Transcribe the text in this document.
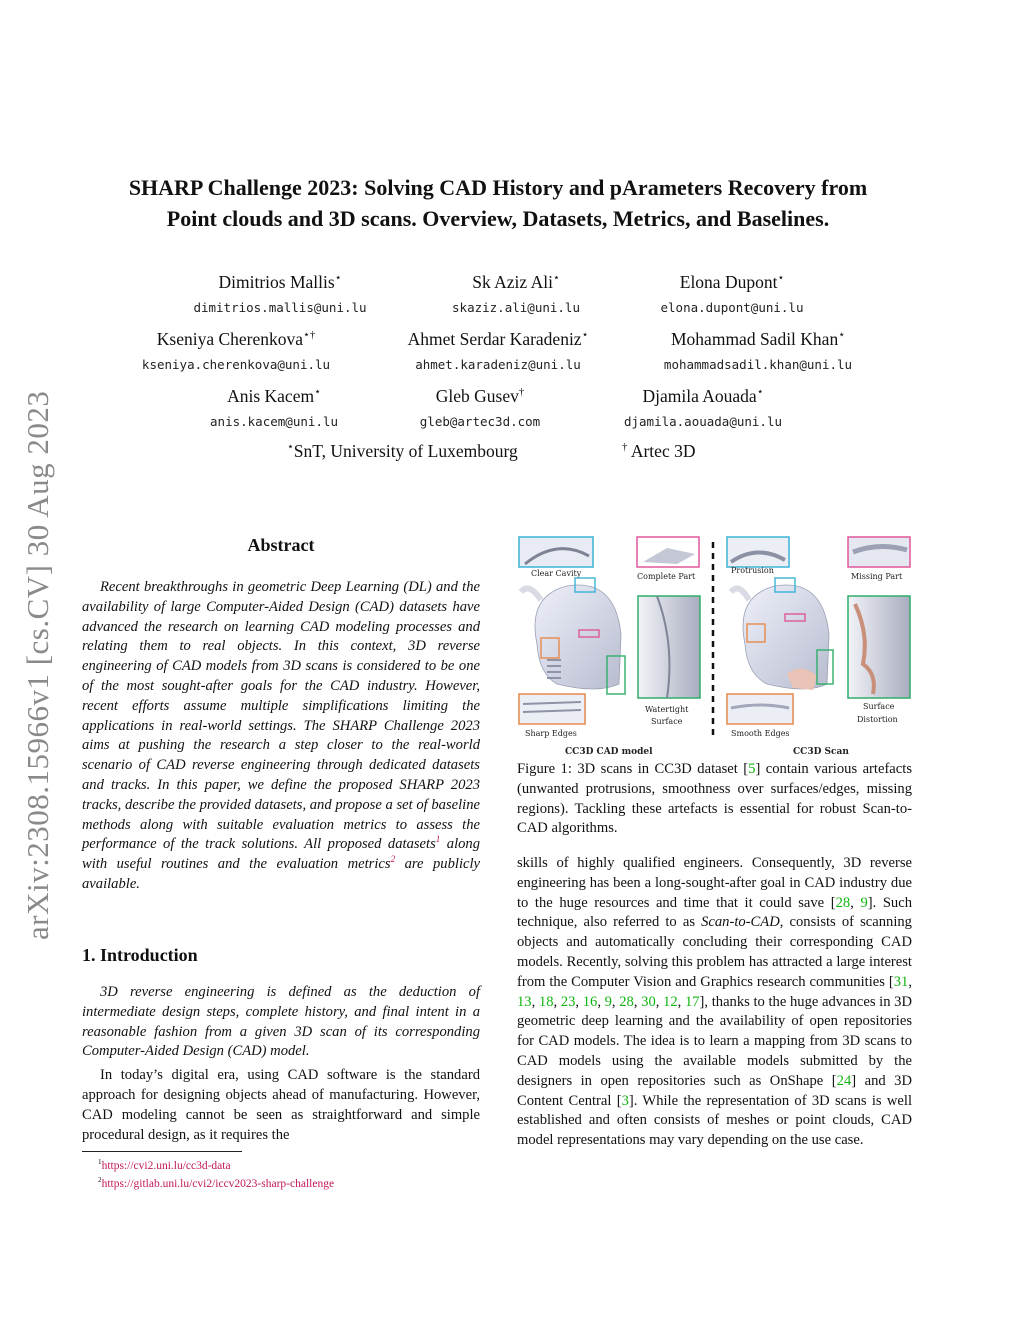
arXiv:2308.15966v1 [cs.CV] 30 Aug 2023
SHARP Challenge 2023: Solving CAD History and pArameters Recovery from
Point clouds and 3D scans. Overview, Datasets, Metrics, and Baselines.
Dimitrios Mallis⋆
dimitrios.mallis@uni.lu
Sk Aziz Ali⋆
skaziz.ali@uni.lu
Elona Dupont⋆
elona.dupont@uni.lu
Kseniya Cherenkova⋆†
kseniya.cherenkova@uni.lu
Ahmet Serdar Karadeniz⋆
ahmet.karadeniz@uni.lu
Mohammad Sadil Khan⋆
mohammadsadil.khan@uni.lu
Anis Kacem⋆
anis.kacem@uni.lu
Gleb Gusev†
gleb@artec3d.com
Djamila Aouada⋆
djamila.aouada@uni.lu
⋆SnT, University of Luxembourg	† Artec 3D
Abstract
Recent breakthroughs in geometric Deep Learning (DL) and the availability of large Computer-Aided Design (CAD) datasets have advanced the research on learning CAD modeling processes and relating them to real objects. In this context, 3D reverse engineering of CAD models from 3D scans is considered to be one of the most sought-after goals for the CAD industry. However, recent efforts assume multiple simplifications limiting the applications in real-world settings. The SHARP Challenge 2023 aims at pushing the research a step closer to the real-world scenario of CAD reverse engineering through dedicated datasets and tracks. In this paper, we define the proposed SHARP 2023 tracks, describe the provided datasets, and propose a set of baseline methods along with suitable evaluation metrics to assess the performance of the track solutions. All proposed datasets$^1$ along with useful routines and the evaluation metrics$^2$ are publicly available.
1. Introduction

3D reverse engineering is defined as the deduction of intermediate design steps, complete history, and final intent in a reasonable fashion from a given 3D scan of its corresponding Computer-Aided Design (CAD) model.

In today’s digital era, using CAD software is the standard approach for designing objects ahead of manufacturing. However, CAD modeling cannot be seen as straightforward and simple procedural design, as it requires the

$^1$https://cvi2.uni.lu/cc3d-data
$^2$https://gitlab.uni.lu/cvi2/iccv2023-sharp-challenge
Clear Cavity	Complete Part
Watertight
Surface
Sharp Edges
CC3D CAD model
Protrusion
Missing Part
Surface
Distortion
Smooth Edges
CC3D Scan
Figure 1: 3D scans in CC3D dataset [5] contain various artefacts (unwanted protrusions, smoothness over surfaces/edges, missing regions). Tackling these artefacts is essential for robust Scan-to-CAD algorithms.
skills of highly qualified engineers. Consequently, 3D reverse engineering has been a long-sought-after goal in CAD industry due to the huge resources and time that it could save [28, 9]. Such technique, also referred to as Scan-to-CAD, consists of scanning objects and automatically concluding their corresponding CAD models. Recently, solving this problem has attracted a large interest from the Computer Vision and Graphics research communities [31, 13, 18, 23, 16, 9, 28, 30, 12, 17], thanks to the huge advances in 3D geometric deep learning and the availability of open repositories for CAD models. The idea is to learn a mapping from 3D scans to CAD models using the available models submitted by the designers in open repositories such as OnShape [24] and 3D Content Central [3]. While the representation of 3D scans is well established and often consists of meshes or point clouds, CAD model representations may vary depending on the use case.
